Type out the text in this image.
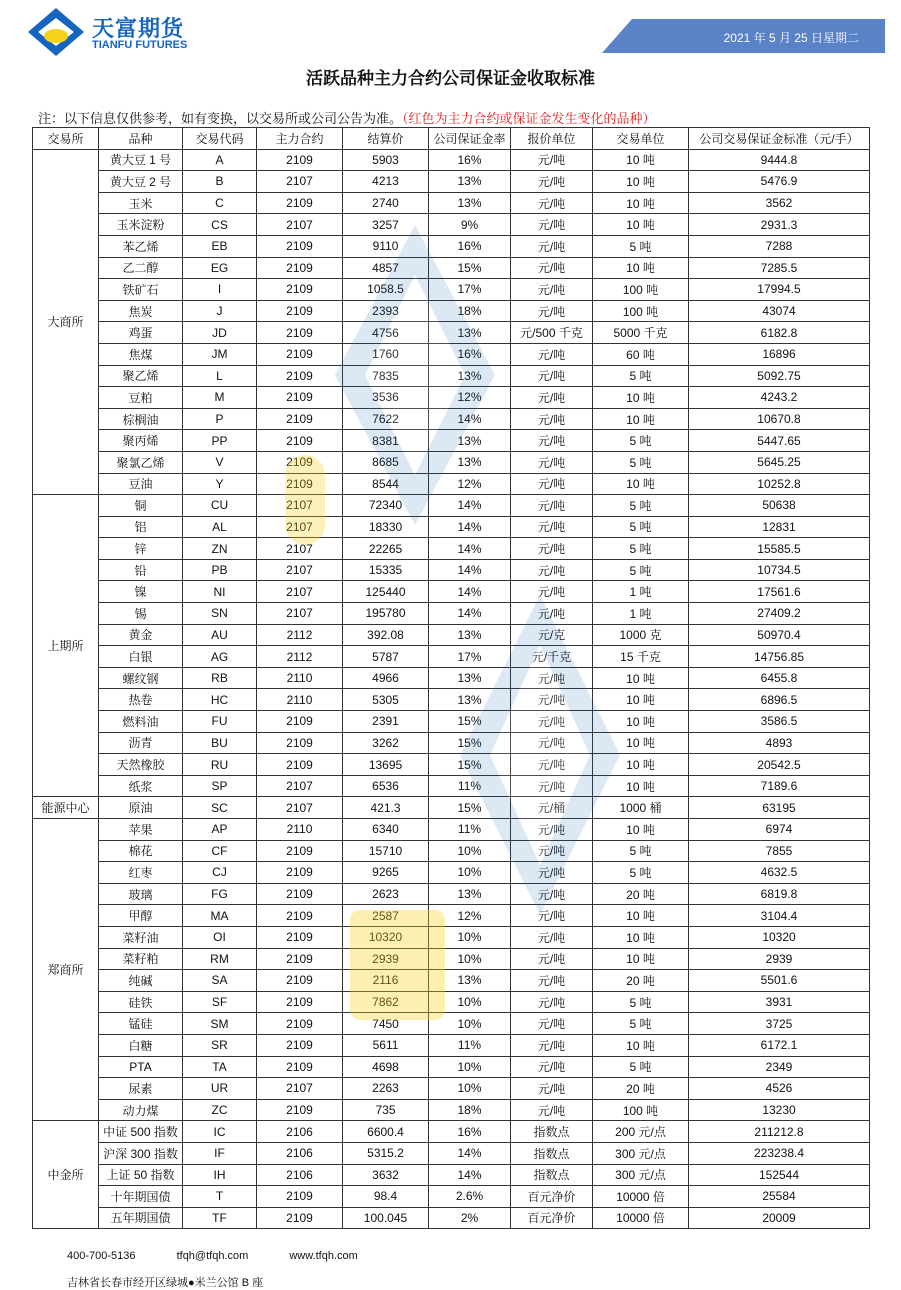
天富期货
TIANFU FUTURES	2021 年 5 月 25 日星期二
活跃品种主力合约公司保证金收取标准
注：以下信息仅供参考，如有变换，以交易所或公司公告为准。（红色为主力合约或保证金发生变化的品种）
交易所	品种	交易代码	主力合约	结算价	公司保证金率	报价单位	交易单位	公司交易保证金标准（元/手）
大商所	黄大豆 1 号	A	2109	5903	16%	元/吨	10 吨	9444.8
	黄大豆 2 号	B	2107	4213	13%	元/吨	10 吨	5476.9
	玉米	C	2109	2740	13%	元/吨	10 吨	3562
	玉米淀粉	CS	2107	3257	9%	元/吨	10 吨	2931.3
	苯乙烯	EB	2109	9110	16%	元/吨	5 吨	7288
	乙二醇	EG	2109	4857	15%	元/吨	10 吨	7285.5
	铁矿石	I	2109	1058.5	17%	元/吨	100 吨	17994.5
	焦炭	J	2109	2393	18%	元/吨	100 吨	43074
	鸡蛋	JD	2109	4756	13%	元/500 千克	5000 千克	6182.8
	焦煤	JM	2109	1760	16%	元/吨	60 吨	16896
	聚乙烯	L	2109	7835	13%	元/吨	5 吨	5092.75
	豆粕	M	2109	3536	12%	元/吨	10 吨	4243.2
	棕榈油	P	2109	7622	14%	元/吨	10 吨	10670.8
	聚丙烯	PP	2109	8381	13%	元/吨	5 吨	5447.65
	聚氯乙烯	V	2109	8685	13%	元/吨	5 吨	5645.25
	豆油	Y	2109	8544	12%	元/吨	10 吨	10252.8
上期所	铜	CU	2107	72340	14%	元/吨	5 吨	50638
	铝	AL	2107	18330	14%	元/吨	5 吨	12831
	锌	ZN	2107	22265	14%	元/吨	5 吨	15585.5
	铅	PB	2107	15335	14%	元/吨	5 吨	10734.5
	镍	NI	2107	125440	14%	元/吨	1 吨	17561.6
	锡	SN	2107	195780	14%	元/吨	1 吨	27409.2
	黄金	AU	2112	392.08	13%	元/克	1000 克	50970.4
	白银	AG	2112	5787	17%	元/千克	15 千克	14756.85
	螺纹钢	RB	2110	4966	13%	元/吨	10 吨	6455.8
	热卷	HC	2110	5305	13%	元/吨	10 吨	6896.5
	燃料油	FU	2109	2391	15%	元/吨	10 吨	3586.5
	沥青	BU	2109	3262	15%	元/吨	10 吨	4893
	天然橡胶	RU	2109	13695	15%	元/吨	10 吨	20542.5
	纸浆	SP	2107	6536	11%	元/吨	10 吨	7189.6
能源中心	原油	SC	2107	421.3	15%	元/桶	1000 桶	63195
郑商所	苹果	AP	2110	6340	11%	元/吨	10 吨	6974
	棉花	CF	2109	15710	10%	元/吨	5 吨	7855
	红枣	CJ	2109	9265	10%	元/吨	5 吨	4632.5
	玻璃	FG	2109	2623	13%	元/吨	20 吨	6819.8
	甲醇	MA	2109	2587	12%	元/吨	10 吨	3104.4
	菜籽油	OI	2109	10320	10%	元/吨	10 吨	10320
	菜籽粕	RM	2109	2939	10%	元/吨	10 吨	2939
	纯碱	SA	2109	2116	13%	元/吨	20 吨	5501.6
	硅铁	SF	2109	7862	10%	元/吨	5 吨	3931
	锰硅	SM	2109	7450	10%	元/吨	5 吨	3725
	白糖	SR	2109	5611	11%	元/吨	10 吨	6172.1
	PTA	TA	2109	4698	10%	元/吨	5 吨	2349
	尿素	UR	2107	2263	10%	元/吨	20 吨	4526
	动力煤	ZC	2109	735	18%	元/吨	100 吨	13230
中金所	中证 500 指数	IC	2106	6600.4	16%	指数点	200 元/点	211212.8
	沪深 300 指数	IF	2106	5315.2	14%	指数点	300 元/点	223238.4
	上证 50 指数	IH	2106	3632	14%	指数点	300 元/点	152544
	十年期国债	T	2109	98.4	2.6%	百元净价	10000 倍	25584
	五年期国债	TF	2109	100.045	2%	百元净价	10000 倍	20009
400-700-5136	tfqh@tfqh.com	www.tfqh.com
吉林省长春市经开区绿城●米兰公馆 B 座
